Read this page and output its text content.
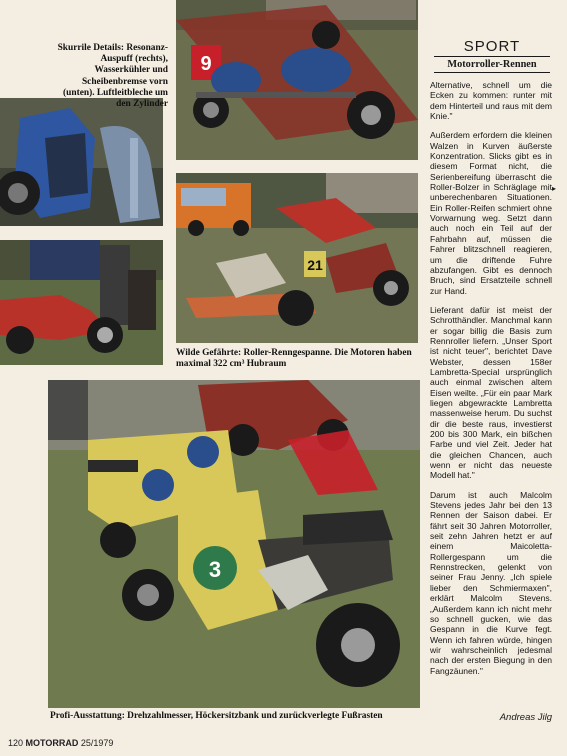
9
21
3
Skurrile Details: Resonanz-Auspuff (rechts), Wasserkühler und Scheibenbremse vorn (unten). Luftleitbleche um den Zylinder
Wilde Gefährte: Roller-Renngespanne. Die Motoren haben maximal 322 cm³ Hubraum
Profi-Ausstattung: Drehzahlmesser, Höckersitzbank und zurückverlegte Fußrasten
SPORT
Motorroller-Rennen

Alternative, schnell um die Ecken zu kommen: runter mit dem Hinterteil und raus mit dem Knie."

Außerdem erfordern die kleinen Walzen in Kurven äußerste Konzentration. Slicks gibt es in diesem Format nicht, die Serienbereifung überrascht die Roller-Bolzer in Schräglage mit unberechenbaren Situationen. Ein Roller-Reifen schmiert ohne Vorwarnung weg. Setzt dann auch noch ein Teil auf der Fahrbahn auf, müssen die Fahrer blitzschnell reagieren, um die driftende Fuhre abzufangen. Gibt es dennoch Bruch, sind Ersatzteile schnell zur Hand.

Lieferant dafür ist meist der Schrotthändler. Manchmal kann er sogar billig die Basis zum Rennroller liefern. „Unser Sport ist nicht teuer", berichtet Dave Webster, dessen 158er Lambretta-Special ursprünglich auch einmal zwischen altem Eisen weilte. „Für ein paar Mark liegen abgewrackte Lambretta massenweise herum. Du suchst dir die beste raus, investierst 200 bis 300 Mark, ein bißchen Farbe und viel Zeit. Jeder hat die gleichen Chancen, auch wenn er nicht das neueste Modell hat."

Darum ist auch Malcolm Stevens jedes Jahr bei den 13 Rennen der Saison dabei. Er fährt seit 30 Jahren Motorroller, seit zehn Jahren hetzt er auf einem Maicoletta-Rollergespann um die Rennstrecken, gelenkt von seiner Frau Jenny. „Ich spiele lieber den Schmiermaxen", erklärt Malcolm Stevens. „Außerdem kann ich nicht mehr so schnell gucken, wie das Gespann in die Kurve fegt. Wenn ich fahren würde, hingen wir wahrscheinlich jedesmal nach der ersten Biegung in den Fangzäunen."

▸
Andreas Jilg
120 MOTORRAD 25/1979
